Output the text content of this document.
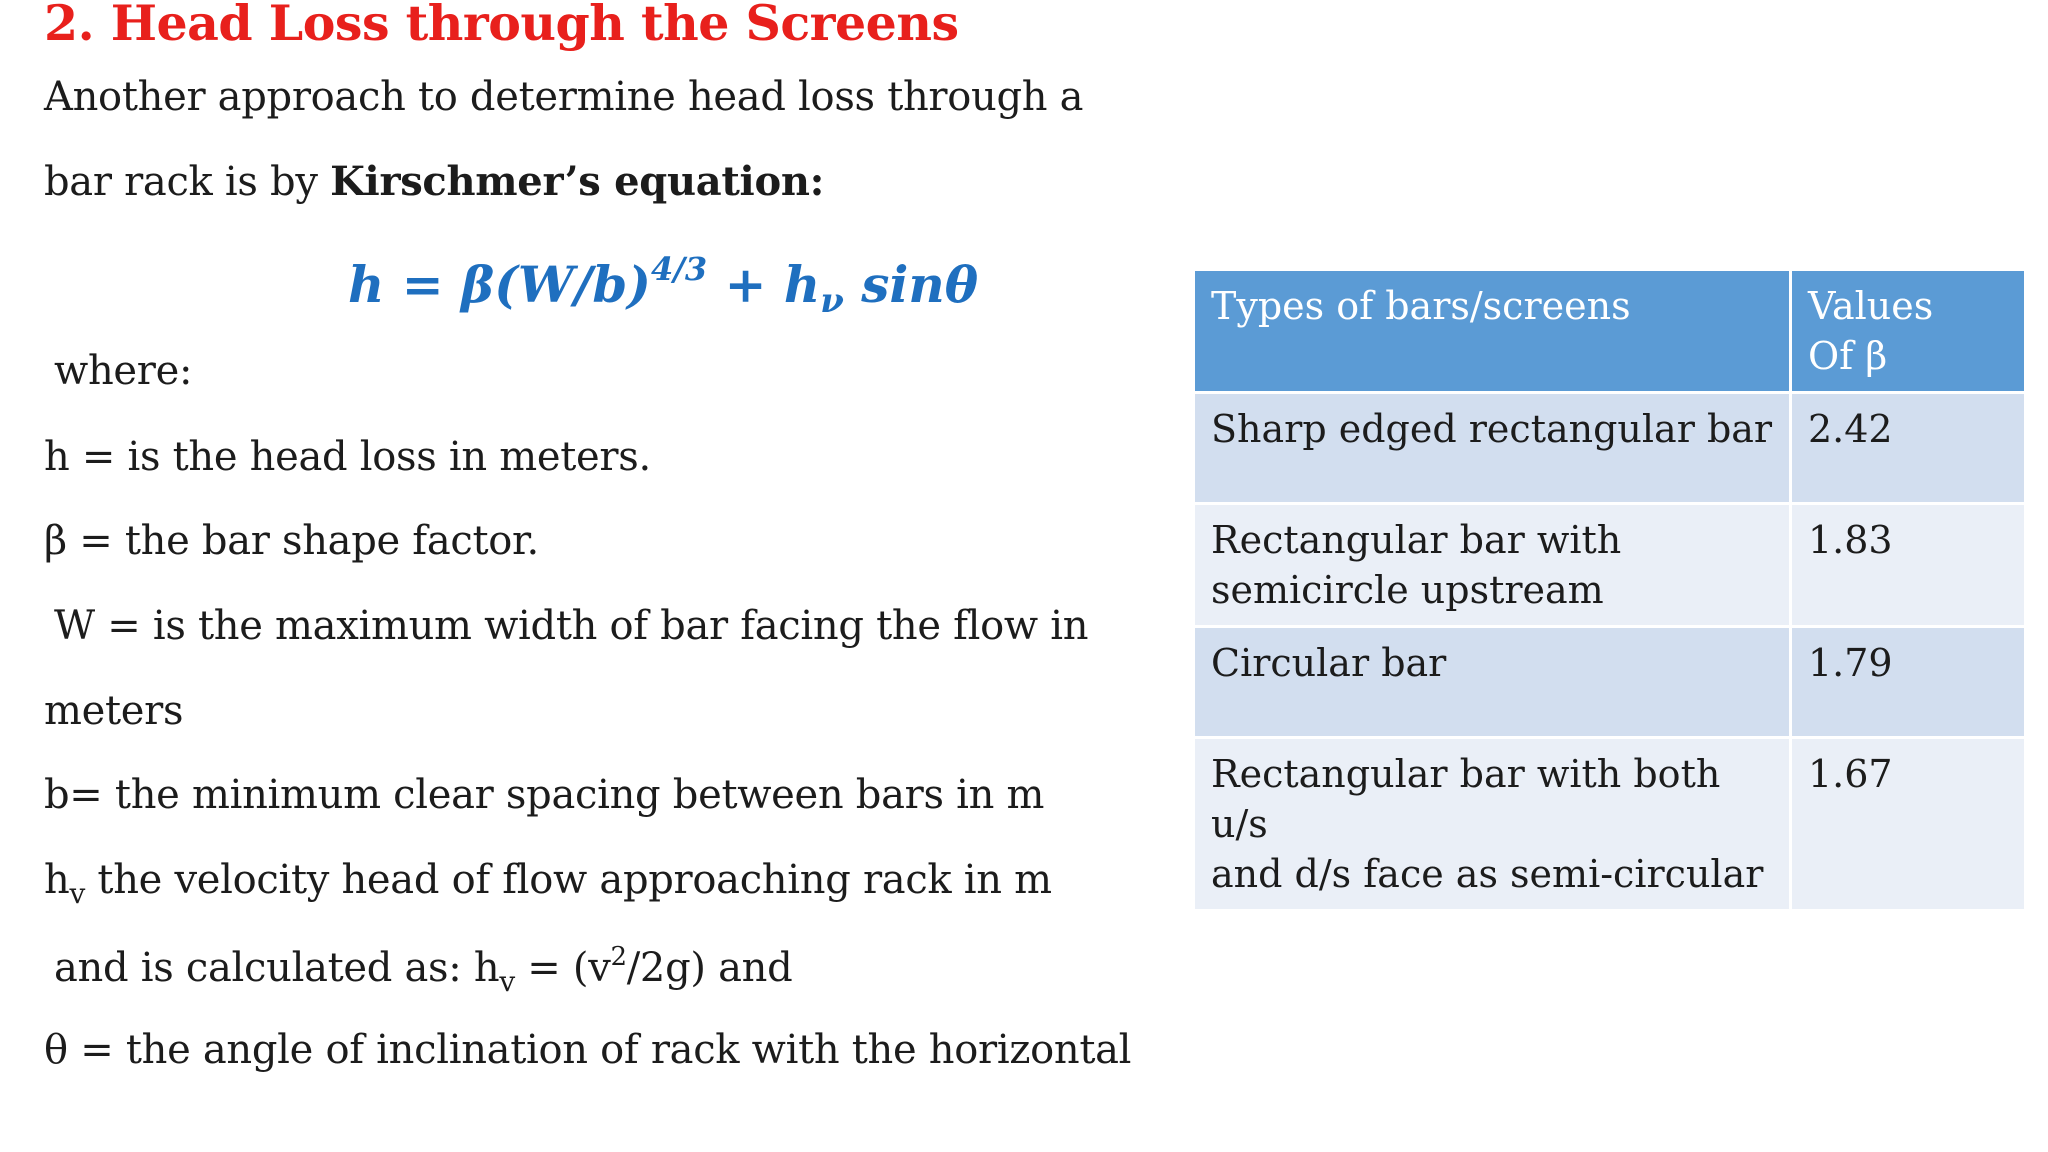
2. Head Loss through the Screens
Another approach to determine head loss through a
bar rack is by Kirschmer’s equation:
$h = \beta(W/b)^{4/3} + h_\nu$ sinθ
where:
h = is the head loss in meters.
β = the bar shape factor.
W = is the maximum width of bar facing the flow in
meters
b= the minimum clear spacing between bars in m
$h_v$ the velocity head of flow approaching rack in m
and is calculated as: $h_v = (v^2/2g)$ and
θ = the angle of inclination of rack with the horizontal
Types of bars/screens	Values
Of β
Sharp edged rectangular bar	2.42
Rectangular bar with
semicircle upstream	1.83
Circular bar	1.79
Rectangular bar with both u/s
and d/s face as semi-circular	1.67
